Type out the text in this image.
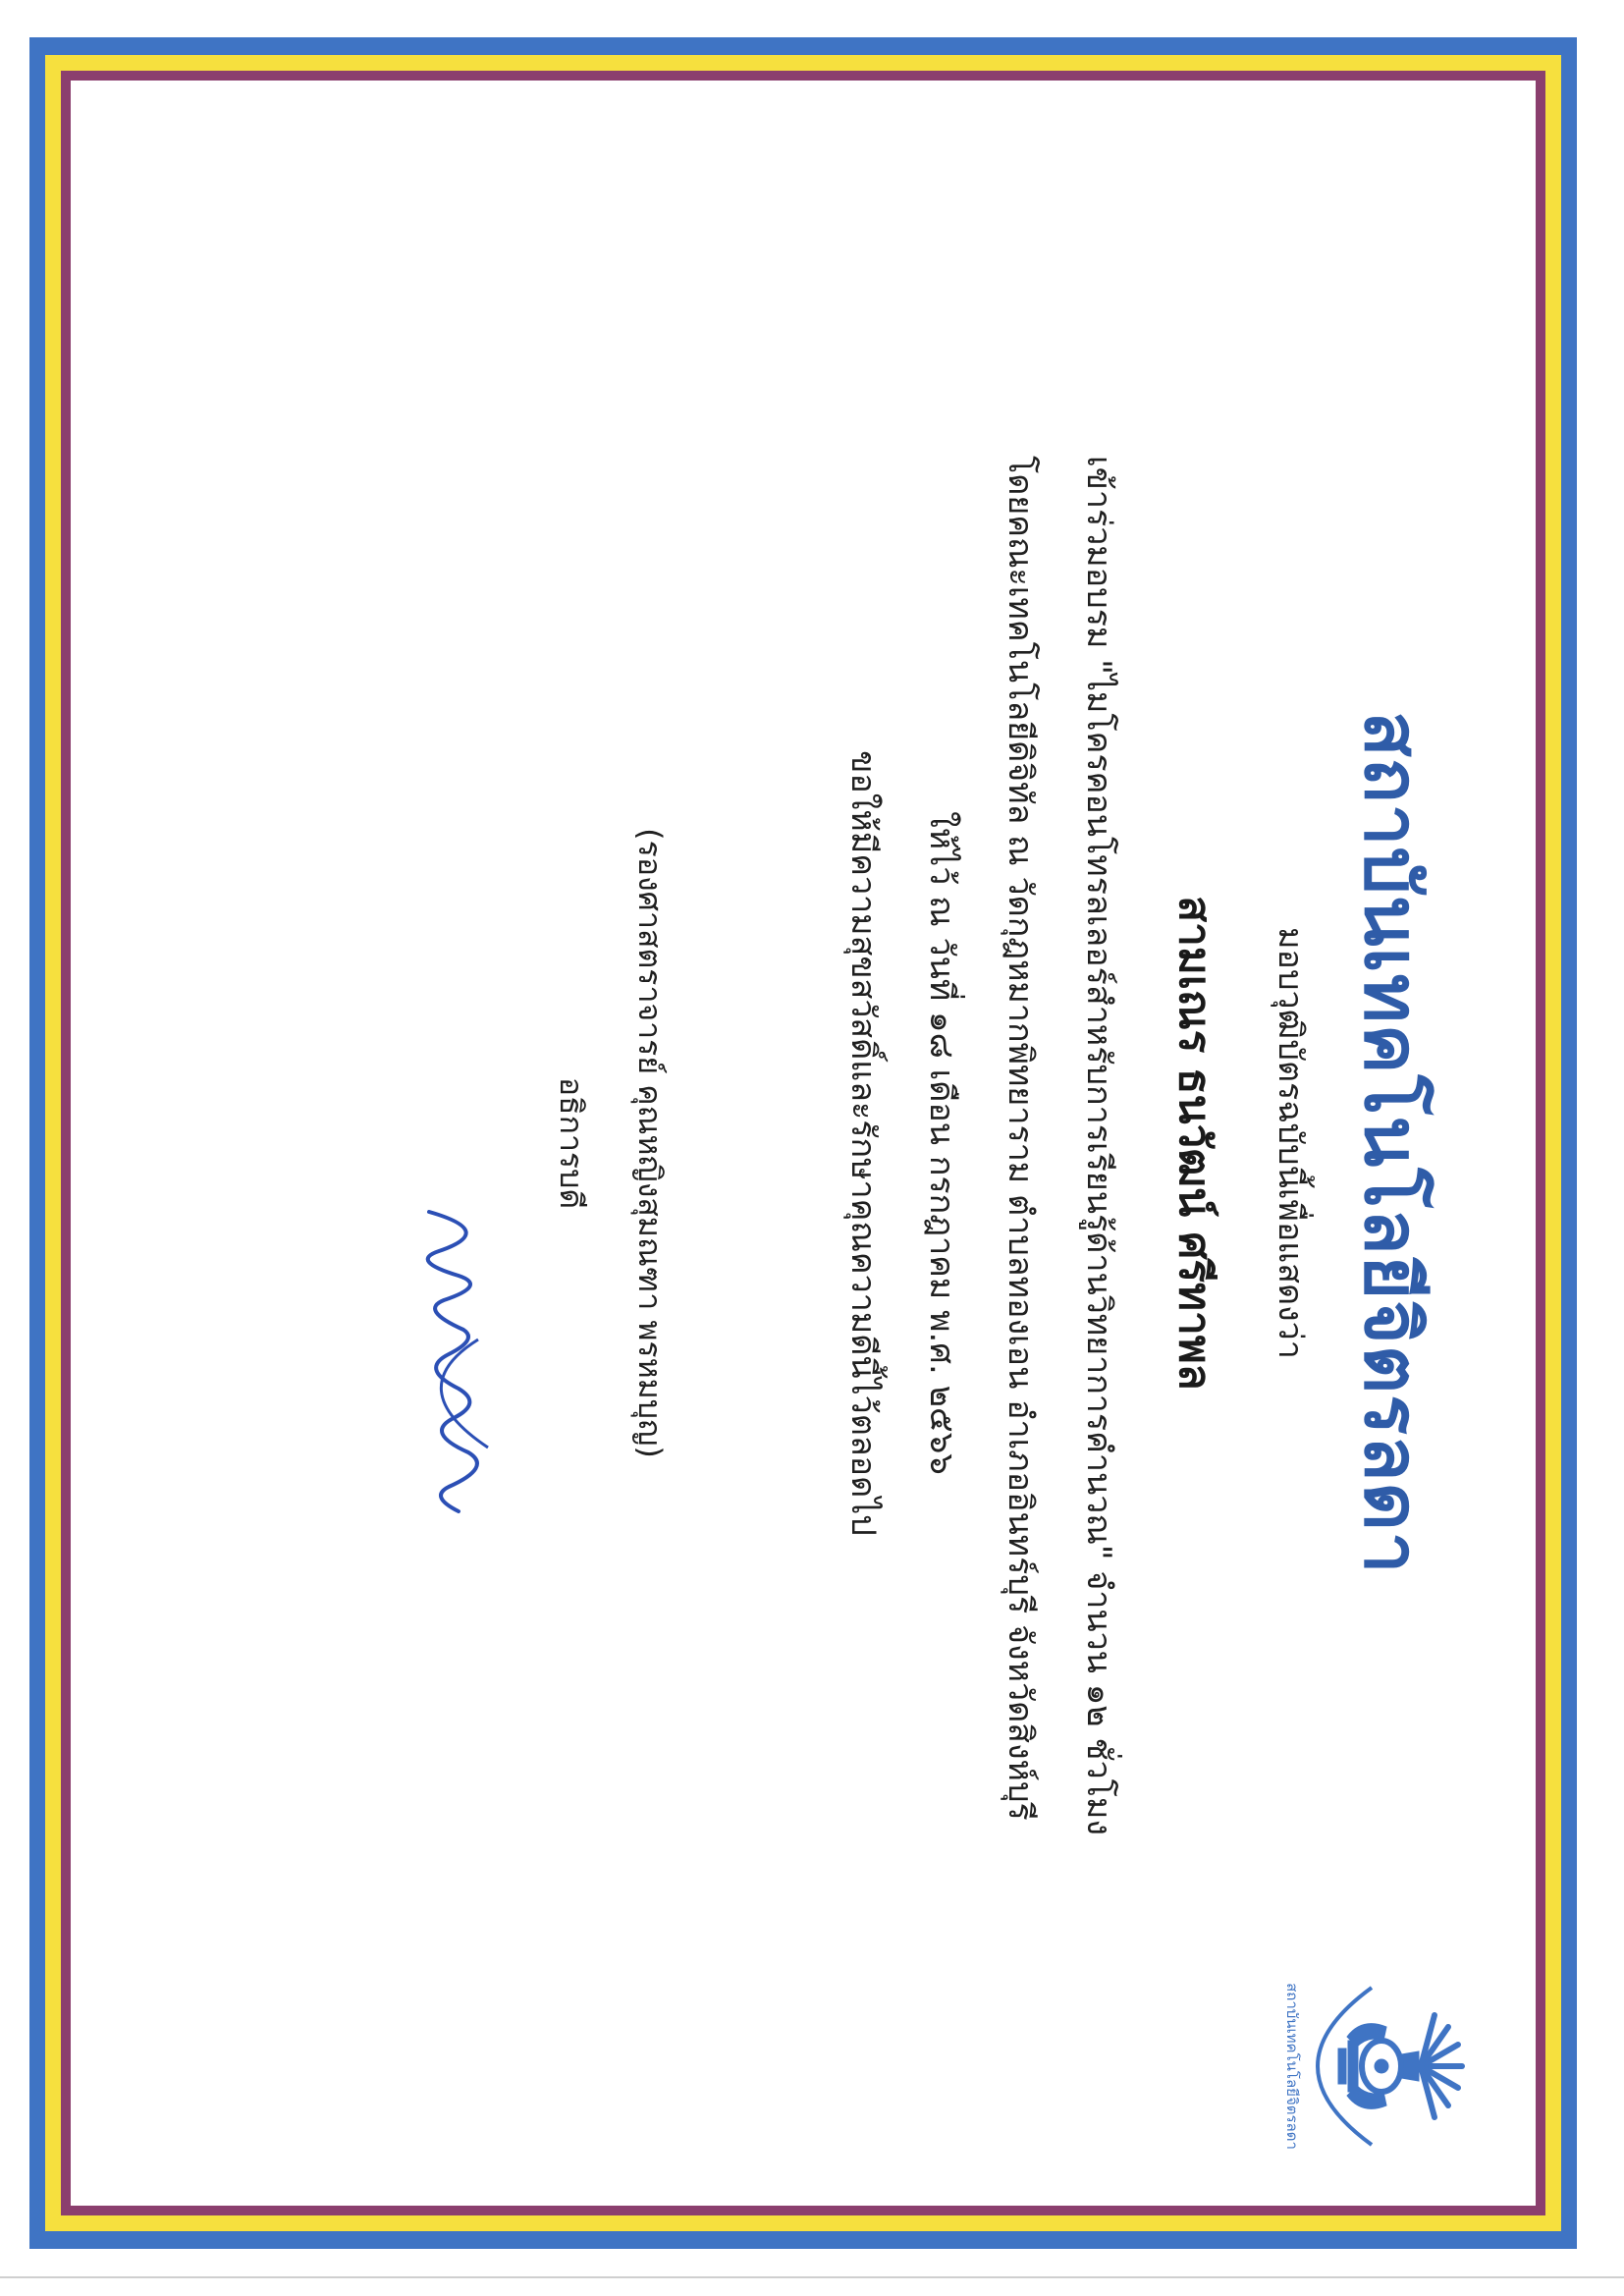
สถาบันเทคโนโลยีจิตรลดา
สถาบันเทคโนโลยีจิตรลดา
มอบวุฒิบัตรฉบับนี้เพื่อแสดงว่า
สามเณร ธนวัฒน์ ศรีทาพล
เข้าร่วมอบรม "ไมโครคอนโทรลเลอร์สำหรับการเรียนรู้ด้านวิทยาการคำนวณ" จำนวน ๑๒ ชั่วโมง
โดยคณะเทคโนโลยีดิจิทัล ณ วัดกุฎหมากพิทยาราม ตำบลทองเอน อำเภออินทร์บุรี จังหวัดสิงห์บุรี
ให้ไว้ ณ วันที่ ๑๘ เดือน กรกฎาคม พ.ศ. ๒๕๖๖
ขอให้มีความสุขสวัสดิ์และรักษาคุณความดีนี้ไว้ตลอดไป
(รองศาสตราจารย์ คุณหญิงสุมณฑา พรหมบุญ)
อธิการบดี
